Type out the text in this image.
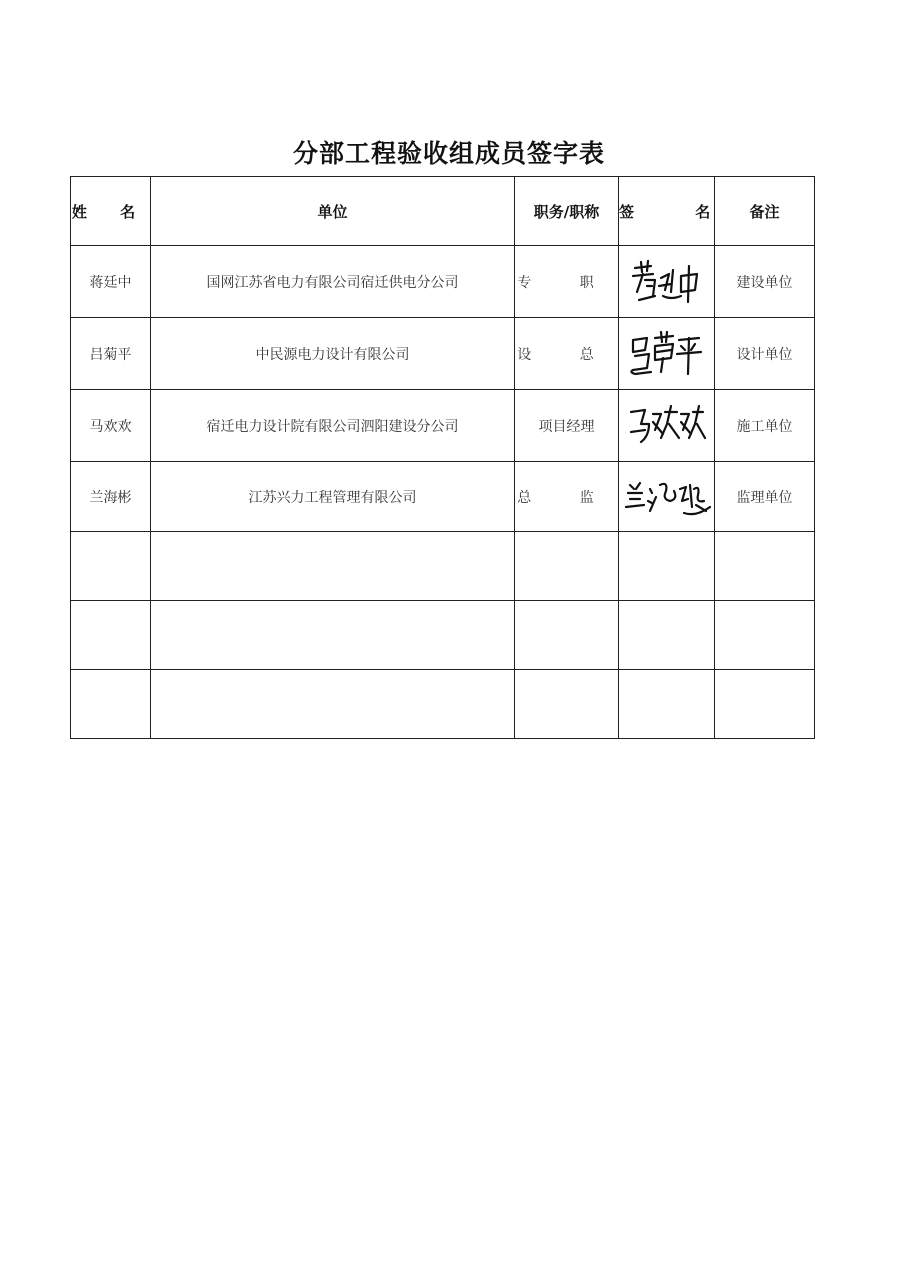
分部工程验收组成员签字表
姓 名	单位	职务/职称	签 名	备注
蒋廷中	国网江苏省电力有限公司宿迁供电分公司	专 职		建设单位
吕菊平	中民源电力设计有限公司	设 总		设计单位
马欢欢	宿迁电力设计院有限公司泗阳建设分公司	项目经理		施工单位
兰海彬	江苏兴力工程管理有限公司	总 监		监理单位
